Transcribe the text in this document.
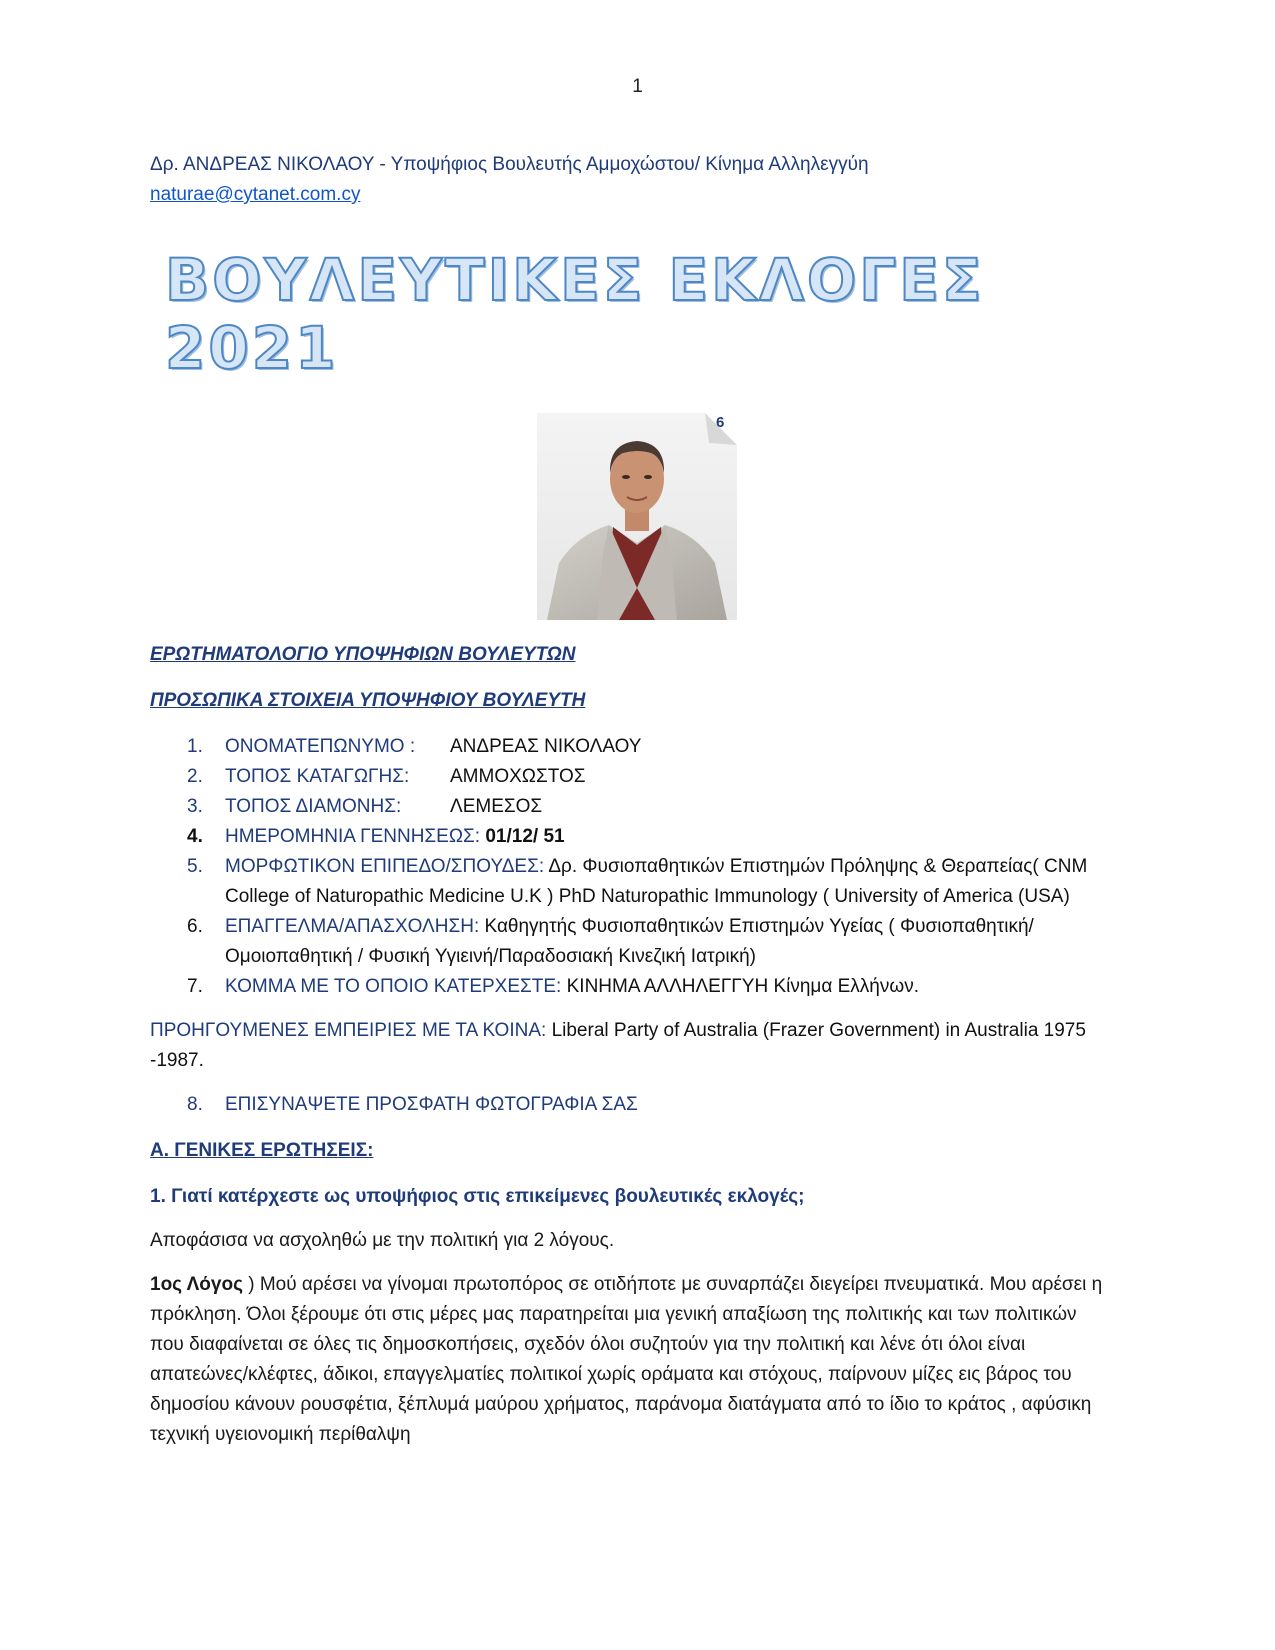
1
Δρ. ΑΝΔΡΕΑΣ ΝΙΚΟΛΑΟΥ - Υποψήφιος Βουλευτής Αμμοχώστου/ Κίνημα Αλληλεγγύη
naturae@cytanet.com.cy
ΒΟΥΛΕΥΤΙΚΕΣ ΕΚΛΟΓΕΣ 2021
6
ΕΡΩΤΗΜΑΤΟΛΟΓΙΟ ΥΠΟΨΗΦΙΩΝ ΒΟΥΛΕΥΤΩΝ
ΠΡΟΣΩΠΙΚΑ ΣΤΟΙΧΕΙΑ ΥΠΟΨΗΦΙΟΥ ΒΟΥΛΕΥΤΗ
1.	ΟΝΟΜΑΤΕΠΩΝΥΜΟ : ΑΝΔΡΕΑΣ ΝΙΚΟΛΑΟΥ
2.	ΤΟΠΟΣ ΚΑΤΑΓΩΓΗΣ: ΑΜΜΟΧΩΣΤΟΣ
3.	ΤΟΠΟΣ ΔΙΑΜΟΝΗΣ:	ΛΕΜΕΣΟΣ
4.	ΗΜΕΡΟΜΗΝΙΑ ΓΕΝΝΗΣΕΩΣ: 01/12/ 51
5.	ΜΟΡΦΩΤΙΚΟΝ ΕΠΙΠΕΔΟ/ΣΠΟΥΔΕΣ: Δρ. Φυσιοπαθητικών Επιστημών Πρόληψης & Θεραπείας( CNM College of Naturopathic Medicine U.K ) PhD Naturopathic Immunology ( University of America (USA)
6.	ΕΠΑΓΓΕΛΜΑ/ΑΠΑΣΧΟΛΗΣΗ: Καθηγητής Φυσιοπαθητικών Επιστημών Υγείας ( Φυσιοπαθητική/ Ομοιοπαθητική / Φυσική Υγιεινή/Παραδοσιακή Κινεζική Ιατρική)
7.	ΚΟΜΜΑ ΜΕ ΤΟ ΟΠΟΙΟ ΚΑΤΕΡΧΕΣΤΕ: ΚΙΝΗΜΑ ΑΛΛΗΛΕΓΓΥΗ Κίνημα Ελλήνων.
ΠΡΟΗΓΟΥΜΕΝΕΣ ΕΜΠΕΙΡΙΕΣ ΜΕ ΤΑ ΚΟΙΝΑ: Liberal Party of Australia (Frazer Government) in Australia 1975 -1987.
8.	ΕΠΙΣΥΝΑΨΕΤΕ ΠΡΟΣΦΑΤΗ ΦΩΤΟΓΡΑΦΙΑ ΣΑΣ
Α. ΓΕΝΙΚΕΣ ΕΡΩΤΗΣΕΙΣ:
1. Γιατί κατέρχεστε ως υποψήφιος στις επικείμενες βουλευτικές εκλογές;
Αποφάσισα να ασχοληθώ με την πολιτική για 2 λόγους.
1ος Λόγος ) Μού αρέσει να γίνομαι πρωτοπόρος σε οτιδήποτε με συναρπάζει διεγείρει πνευματικά. Μου αρέσει η πρόκληση. Όλοι ξέρουμε ότι στις μέρες μας παρατηρείται μια γενική απαξίωση της πολιτικής και των πολιτικών που διαφαίνεται σε όλες τις δημοσκοπήσεις, σχεδόν όλοι συζητούν για την πολιτική και λένε ότι όλοι είναι απατεώνες/κλέφτες, άδικοι, επαγγελματίες πολιτικοί χωρίς οράματα και στόχους, παίρνουν μίζες εις βάρος του δημοσίου κάνουν ρουσφέτια, ξέπλυμά μαύρου χρήματος, παράνομα διατάγματα από το ίδιο το κράτος , αφύσικη τεχνική υγειονομική περίθαλψη
